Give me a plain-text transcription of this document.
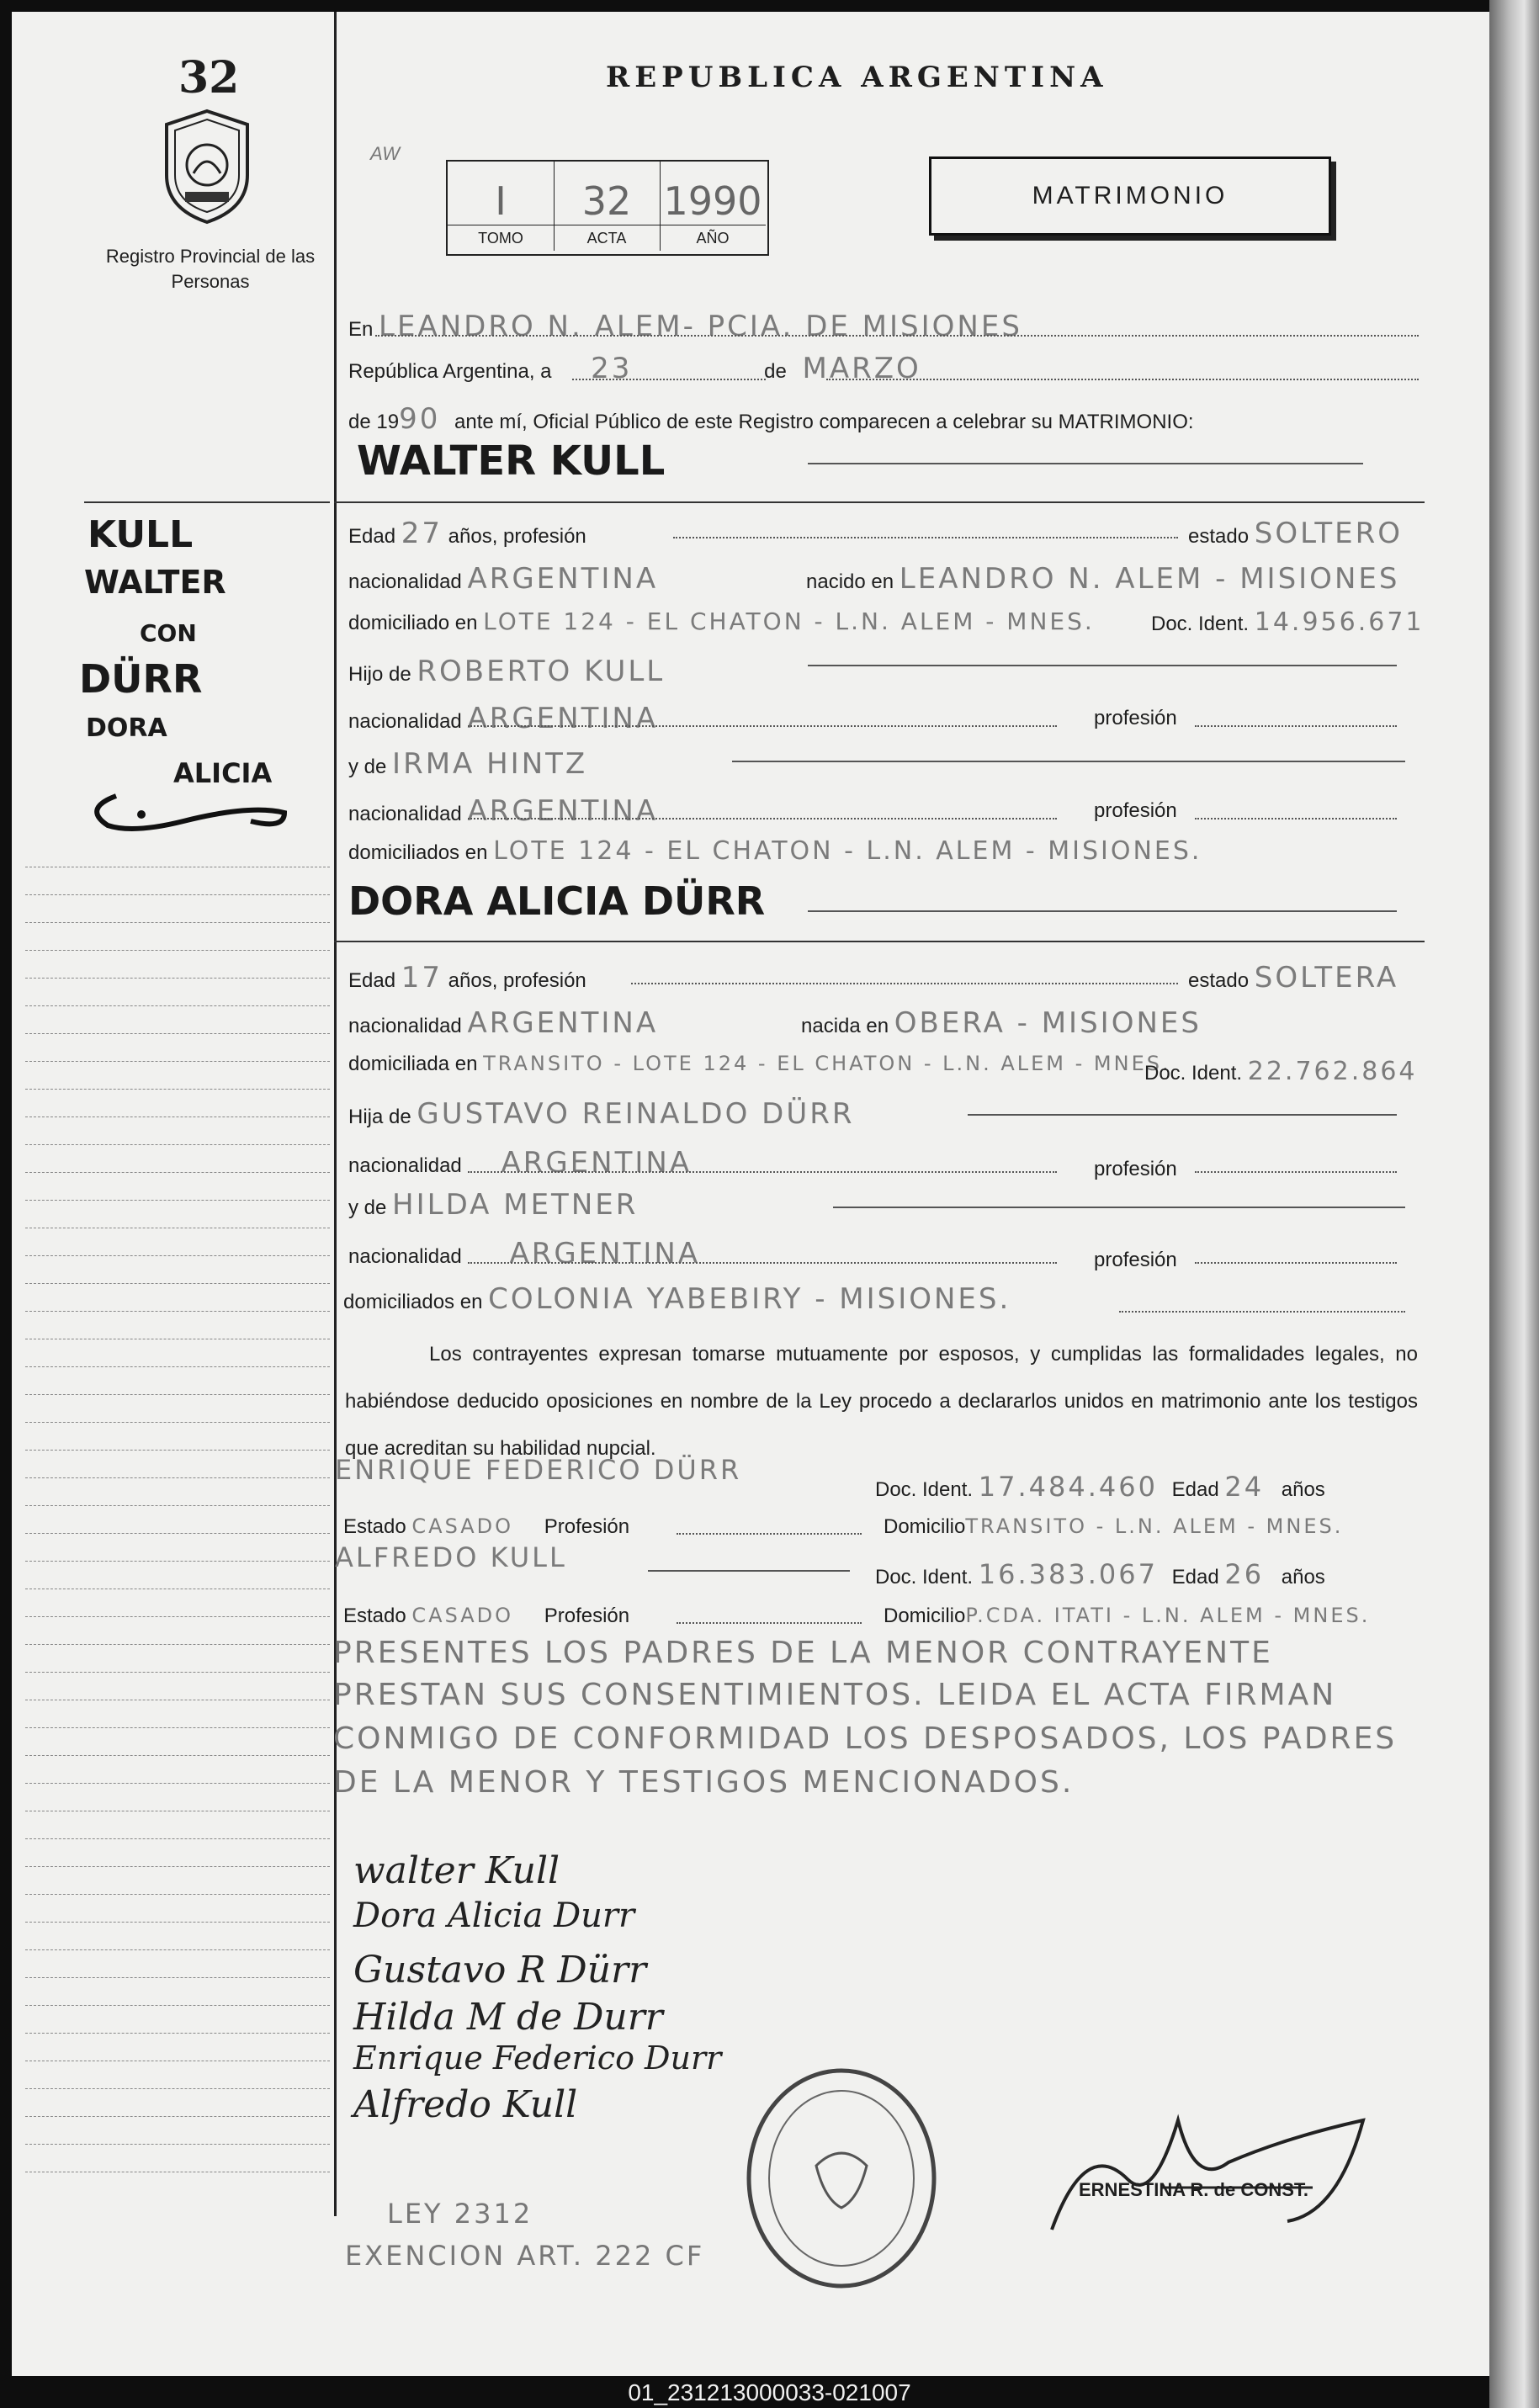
32
Registro Provincial de las Personas
REPUBLICA ARGENTINA
AW
I
TOMO
32
ACTA
1990
AÑO
MATRIMONIO
En LEANDRO N. ALEM- PCIA. DE MISIONES
República Argentina, a 23	de MARZO
de 1990 ante mí, Oficial Público de este Registro comparecen a celebrar su MATRIMONIO:
WALTER KULL
Edad 27 años, profesión	estado SOLTERO
nacionalidad ARGENTINA	nacido en LEANDRO N. ALEM - MISIONES
domiciliado en LOTE 124 - EL CHATON - L.N. ALEM - MNES.	Doc. Ident. 14.956.671
Hijo de ROBERTO KULL
nacionalidad ARGENTINA	profesión
y de IRMA HINTZ
nacionalidad ARGENTINA	profesión
domiciliados en LOTE 124 - EL CHATON - L.N. ALEM - MISIONES.
DORA ALICIA DÜRR
Edad 17 años, profesión	estado SOLTERA
nacionalidad ARGENTINA	nacida en OBERA - MISIONES
domiciliada en TRANSITO - LOTE 124 - EL CHATON - L.N. ALEM - MNES.
Doc. Ident. 22.762.864
Hija de GUSTAVO REINALDO DÜRR
nacionalidad ARGENTINA	profesión
y de HILDA METNER
nacionalidad ARGENTINA	profesión
domiciliados en COLONIA YABEBIRY - MISIONES.
Los contrayentes expresan tomarse mutuamente por esposos, y cumplidas las formalidades legales, no habiéndose deducido oposiciones en nombre de la Ley procedo a declararlos unidos en matrimonio ante los testigos que acreditan su habilidad nupcial.
ENRIQUE FEDERICO DÜRR
Doc. Ident. 17.484.460 Edad 24 años
Estado CASADO Profesión	DomicilioTRANSITO - L.N. ALEM - MNES.
ALFREDO KULL
Doc. Ident. 16.383.067 Edad 26 años
Estado CASADO Profesión	DomicilioP.CDA. ITATI - L.N. ALEM - MNES.
PRESENTES LOS PADRES DE LA MENOR CONTRAYENTE
PRESTAN SUS CONSENTIMIENTOS. LEIDA EL ACTA FIRMAN
CONMIGO DE CONFORMIDAD LOS DESPOSADOS, LOS PADRES
DE LA MENOR Y TESTIGOS MENCIONADOS.
walter Kull
Dora Alicia Durr
Gustavo R Dürr
Hilda M de Durr
Enrique Federico Durr
Alfredo Kull
ERNESTINA R. de CONST.
LEY 2312
EXENCION ART. 222 CF
KULL
WALTER
CON
DÜRR
DORA
ALICIA
01_231213000033-021007
